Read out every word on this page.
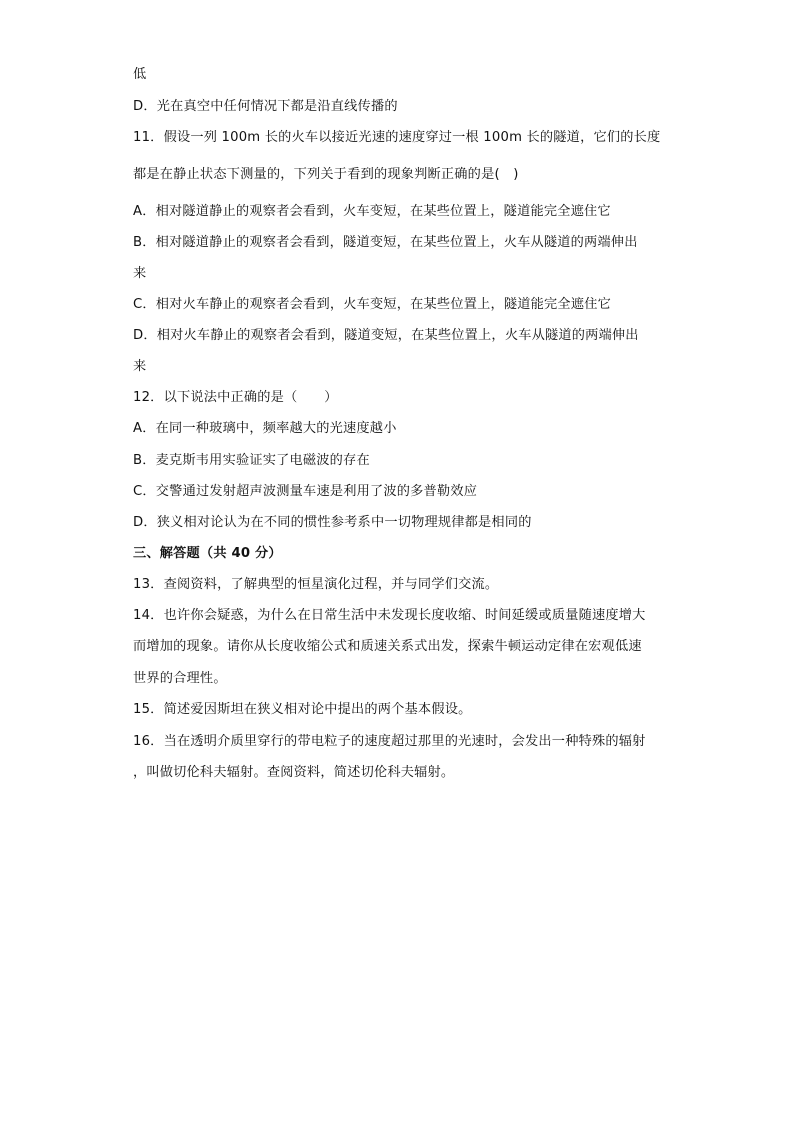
低
D．光在真空中任何情况下都是沿直线传播的
11．假设一列 100m 长的火车以接近光速的速度穿过一根 100m 长的隧道，它们的长度
都是在静止状态下测量的，下列关于看到的现象判断正确的是(　)
A．相对隧道静止的观察者会看到，火车变短，在某些位置上，隧道能完全遮住它
B．相对隧道静止的观察者会看到，隧道变短，在某些位置上，火车从隧道的两端伸出
来
C．相对火车静止的观察者会看到，火车变短，在某些位置上，隧道能完全遮住它
D．相对火车静止的观察者会看到，隧道变短，在某些位置上，火车从隧道的两端伸出
来
12．以下说法中正确的是（　　）
A．在同一种玻璃中，频率越大的光速度越小
B．麦克斯韦用实验证实了电磁波的存在
C．交警通过发射超声波测量车速是利用了波的多普勒效应
D．狭义相对论认为在不同的惯性参考系中一切物理规律都是相同的
三、解答题（共 40 分）
13．查阅资料，了解典型的恒星演化过程，并与同学们交流。
14．也许你会疑惑，为什么在日常生活中未发现长度收缩、时间延缓或质量随速度增大
而增加的现象。请你从长度收缩公式和质速关系式出发，探索牛顿运动定律在宏观低速
世界的合理性。
15．简述爱因斯坦在狭义相对论中提出的两个基本假设。
16．当在透明介质里穿行的带电粒子的速度超过那里的光速时，会发出一种特殊的辐射
，叫做切伦科夫辐射。查阅资料，简述切伦科夫辐射。
